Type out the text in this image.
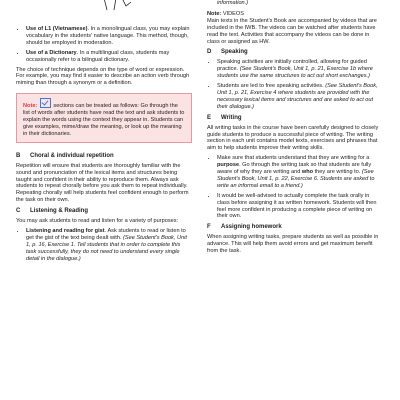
• Use of L1 (Vietnamese). In a monolingual class, you may explain vocabulary in the students' native language. This method, though, should be employed in moderation.
• Use of a Dictionary. In a multilingual class, students may occasionally refer to a bilingual dictionary.

The choice of technique depends on the type of word or expression. For example, you may find it easier to describe an action verb through miming than through a synonym or a definition.

Note:	sections can be treated as follows: Go through the list of words after students have read the text and ask students to explain the words using the context they appear in. Students can give examples, mime/draw the meaning, or look up the meaning in their dictionaries.
B	Choral & individual repetition

Repetition will ensure that students are thoroughly familiar with the sound and pronunciation of the lexical items and structures being taught and confident in their ability to reproduce them. Always ask students to repeat chorally before you ask them to repeat individually. Repeating chorally will help students feel confident enough to perform the task on their own.

C	Listening & Reading

You may ask students to read and listen for a variety of purposes:

• Listening and reading for gist. Ask students to read or listen to get the gist of the text being dealt with. (See Student's Book, Unit 1, p. 16, Exercise 1. Tell students that in order to complete this task successfully, they do not need to understand every single detail in the dialogue.)

information.)

Note: VIDEOS

Main texts in the Student's Book are accompanied by videos that are included in the IWB. The videos can be watched after students have read the text. Activities that accompany the videos can be done in class or assigned as HW.

D	Speaking
• Speaking activities are initially controlled, allowing for guided practice. (See Student's Book, Unit 1, p. 21, Exercise 1b where students use the same structures to act out short exchanges.)
• Students are led to free speaking activities. (See Student's Book, Unit 1, p. 21, Exercise 4 where students are provided with the necessary lexical items and structures and are asked to act out their dialogue.)
E	Writing

All writing tasks in the course have been carefully designed to closely guide students to produce a successful piece of writing. The writing section in each unit contains model texts, exercises and phrases that aim to help students improve their writing skills.

• Make sure that students understand that they are writing for a purpose. Go through the writing task so that students are fully aware of why they are writing and who they are writing to. (See Student's Book, Unit 1, p. 22, Exercise 6. Students are asked to write an informal email to a friend.)
• It would be well-advised to actually complete the task orally in class before assigning it as written homework. Students will then feel more confident in producing a complete piece of writing on their own.
F	Assigning homework

When assigning writing tasks, prepare students as well as possible in advance. This will help them avoid errors and get maximum benefit from the task.
